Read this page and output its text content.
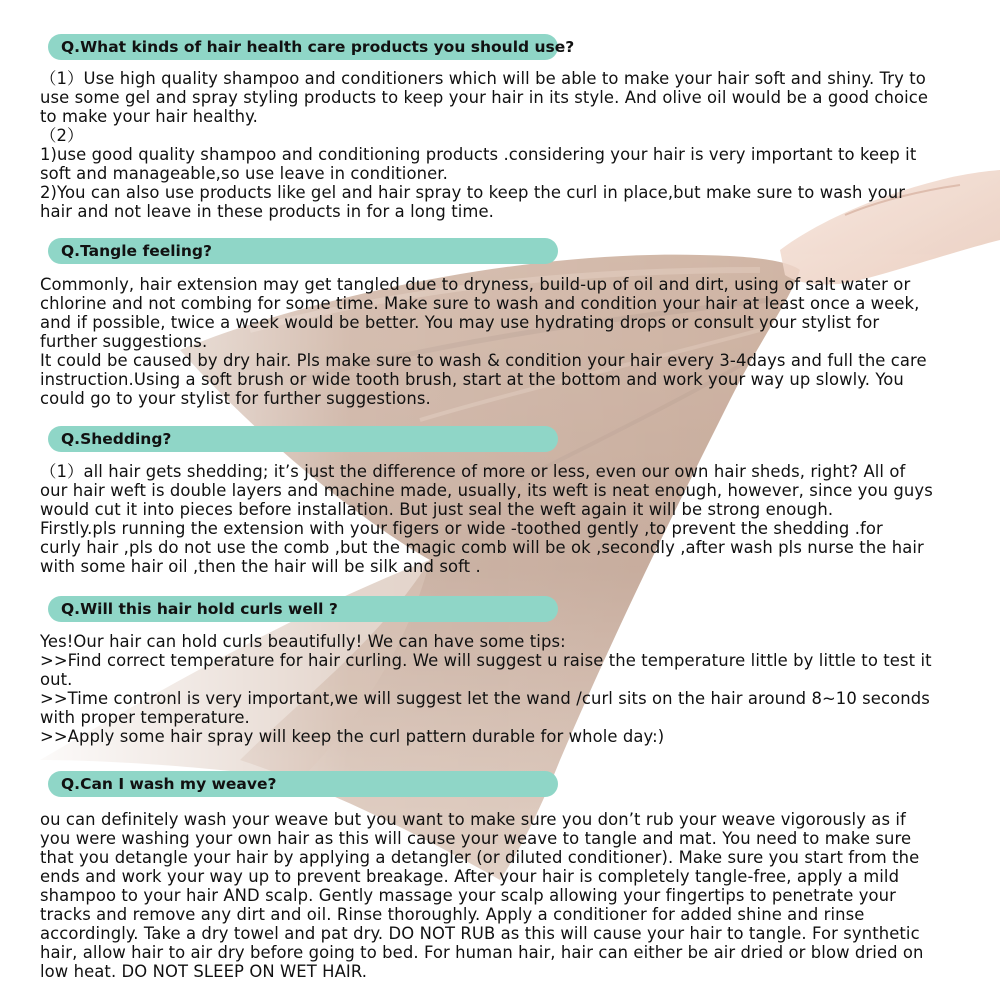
Q.What kinds of hair health care products you should use?
（1）Use high quality shampoo and conditioners which will be able to make your hair soft and shiny. Try to
use some gel and spray styling products to keep your hair in its style. And olive oil would be a good choice
to make your hair healthy.
（2）
1)use good quality shampoo and conditioning products .considering your hair is very important to keep it
soft and manageable,so use leave in conditioner.
2)You can also use products like gel and hair spray to keep the curl in place,but make sure to wash your
hair and not leave in these products in for a long time.
Q.Tangle feeling?
Commonly, hair extension may get tangled due to dryness, build-up of oil and dirt, using of salt water or
chlorine and not combing for some time. Make sure to wash and condition your hair at least once a week,
and if possible, twice a week would be better. You may use hydrating drops or consult your stylist for
further suggestions.
It could be caused by dry hair. Pls make sure to wash & condition your hair every 3-4days and full the care
instruction.Using a soft brush or wide tooth brush, start at the bottom and work your way up slowly. You
could go to your stylist for further suggestions.
Q.Shedding?
（1）all hair gets shedding; it’s just the difference of more or less, even our own hair sheds, right? All of
our hair weft is double layers and machine made, usually, its weft is neat enough, however, since you guys
would cut it into pieces before installation. But just seal the weft again it will be strong enough.
Firstly.pls running the extension with your figers or wide -toothed gently ,to prevent the shedding .for
curly hair ,pls do not use the comb ,but the magic comb will be ok ,secondly ,after wash pls nurse the hair
with some hair oil ,then the hair will be silk and soft .
Q.Will this hair hold curls well ?
Yes!Our hair can hold curls beautifully! We can have some tips:
>>Find correct temperature for hair curling. We will suggest u raise the temperature little by little to test it
out.
>>Time contronl is very important,we will suggest let the wand /curl sits on the hair around 8~10 seconds
with proper temperature.
>>Apply some hair spray will keep the curl pattern durable for whole day:)
Q.Can I wash my weave?
ou can definitely wash your weave but you want to make sure you don’t rub your weave vigorously as if
you were washing your own hair as this will cause your weave to tangle and mat. You need to make sure
that you detangle your hair by applying a detangler (or diluted conditioner). Make sure you start from the
ends and work your way up to prevent breakage. After your hair is completely tangle-free, apply a mild
shampoo to your hair AND scalp. Gently massage your scalp allowing your fingertips to penetrate your
tracks and remove any dirt and oil. Rinse thoroughly. Apply a conditioner for added shine and rinse
accordingly. Take a dry towel and pat dry. DO NOT RUB as this will cause your hair to tangle. For synthetic
hair, allow hair to air dry before going to bed. For human hair, hair can either be air dried or blow dried on
low heat. DO NOT SLEEP ON WET HAIR.
